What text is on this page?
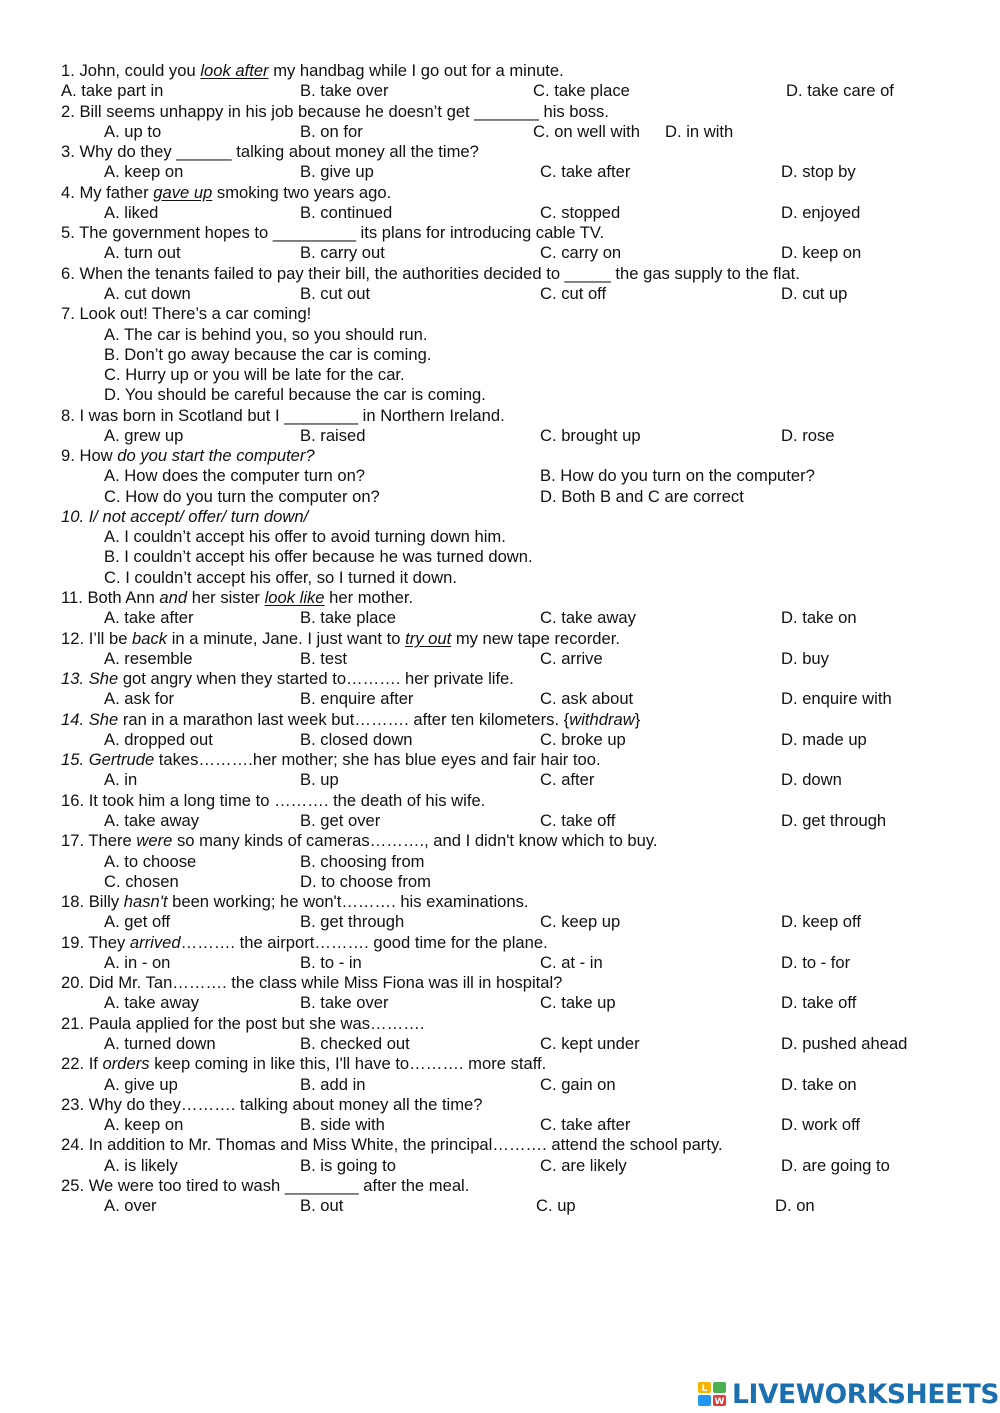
1. John, could you look after my handbag while I go out for a minute.
A. take part in	B. take over	C. take place	D. take care of
2. Bill seems unhappy in his job because he doesn’t get _______ his boss.
A. up to	B. on for	C. on well with D. in with
3. Why do they ______ talking about money all the time?
A. keep on	B. give up	C. take after	D. stop by
4. My father gave up smoking two years ago.
A. liked	B. continued	C. stopped	D. enjoyed
5. The government hopes to _________ its plans for introducing cable TV.
A. turn out	B. carry out	C. carry on	D. keep on
6. When the tenants failed to pay their bill, the authorities decided to _____ the gas supply to the flat.
A. cut down	B. cut out	C. cut off	D. cut up
7. Look out! There’s a car coming!
A. The car is behind you, so you should run.
B. Don’t go away because the car is coming.
C. Hurry up or you will be late for the car.
D. You should be careful because the car is coming.
8. I was born in Scotland but I ________ in Northern Ireland.
A. grew up	B. raised	C. brought up	D. rose
9. How do you start the computer?
A. How does the computer turn on?	B. How do you turn on the computer?
C. How do you turn the computer on?	D. Both B and C are correct
10. I/ not accept/ offer/ turn down/
A. I couldn’t accept his offer to avoid turning down him.
B. I couldn’t accept his offer because he was turned down.
C. I couldn’t accept his offer, so I turned it down.
11. Both Ann and her sister look like her mother.
A. take after	B. take place	C. take away	D. take on
12. I’ll be back in a minute, Jane. I just want to try out my new tape recorder.
A. resemble	B. test	C. arrive	D. buy
13. She got angry when they started to………. her private life.
A. ask for	B. enquire after	C. ask about	D. enquire with
14. She ran in a marathon last week but………. after ten kilometers. {withdraw}
A. dropped out	B. closed down	C. broke up	D. made up
15. Gertrude takes……….her mother; she has blue eyes and fair hair too.
A. in	B. up	C. after	D. down
16. It took him a long time to ………. the death of his wife.
A. take away	B. get over	C. take off	D. get through
17. There were so many kinds of cameras………., and I didn't know which to buy.
A. to choose	B. choosing from
C. chosen	D. to choose from
18. Billy hasn't been working; he won't………. his examinations.
A. get off	B. get through	C. keep up	D. keep off
19. They arrived………. the airport………. good time for the plane.
A. in - on	B. to - in	C. at - in	D. to - for
20. Did Mr. Tan………. the class while Miss Fiona was ill in hospital?
A. take away	B. take over	C. take up	D. take off
21. Paula applied for the post but she was……….
A. turned down	B. checked out	C. kept under	D. pushed ahead
22. If orders keep coming in like this, I'll have to………. more staff.
A. give up	B. add in	C. gain on	D. take on
23. Why do they………. talking about money all the time?
A. keep on	B. side with	C. take after	D. work off
24. In addition to Mr. Thomas and Miss White, the principal………. attend the school party.
A. is likely	B. is going to	C. are likely	D. are going to
25. We were too tired to wash ________ after the meal.
A. over	B. out	C. up	D. on
L
W LIVEWORKSHEETS
